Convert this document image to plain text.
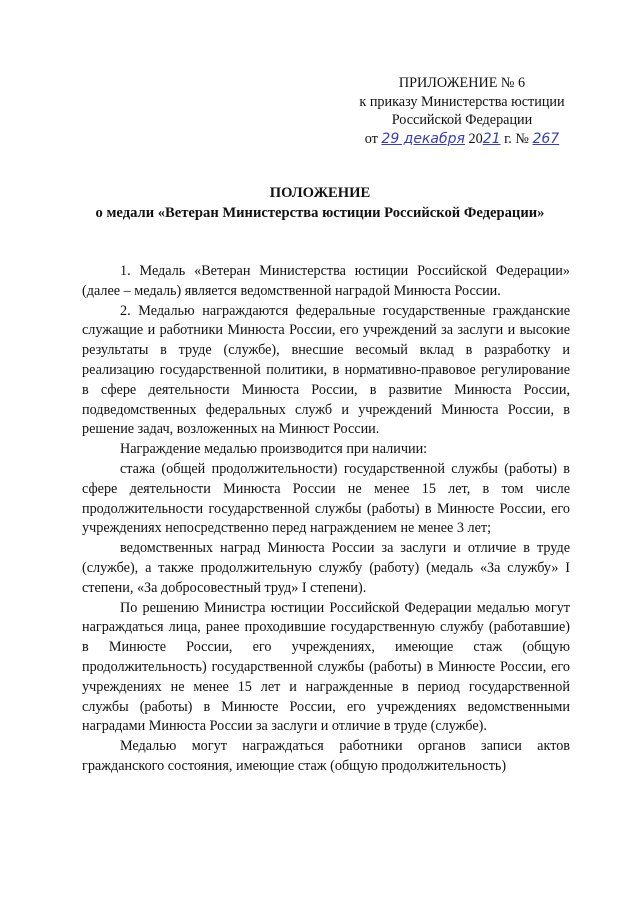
ПРИЛОЖЕНИЕ № 6
к приказу Министерства юстиции
Российской Федерации
от 29 декабря 2021 г. № 267
ПОЛОЖЕНИЕ
о медали «Ветеран Министерства юстиции Российской Федерации»

1. Медаль «Ветеран Министерства юстиции Российской Федерации» (далее – медаль) является ведомственной наградой Минюста России.

2. Медалью награждаются федеральные государственные гражданские служащие и работники Минюста России, его учреждений за заслуги и высокие результаты в труде (службе), внесшие весомый вклад в разработку и реализацию государственной политики, в нормативно-правовое регулирование в сфере деятельности Минюста России, в развитие Минюста России, подведомственных федеральных служб и учреждений Минюста России, в решение задач, возложенных на Минюст России.

Награждение медалью производится при наличии:

стажа (общей продолжительности) государственной службы (работы) в сфере деятельности Минюста России не менее 15 лет, в том числе продолжительности государственной службы (работы) в Минюсте России, его учреждениях непосредственно перед награждением не менее 3 лет;

ведомственных наград Минюста России за заслуги и отличие в труде (службе), а также продолжительную службу (работу) (медаль «За службу» I степени, «За добросовестный труд» I степени).

По решению Министра юстиции Российской Федерации медалью могут награждаться лица, ранее проходившие государственную службу (работавшие) в Минюсте России, его учреждениях, имеющие стаж (общую продолжительность) государственной службы (работы) в Минюсте России, его учреждениях не менее 15 лет и награжденные в период государственной службы (работы) в Минюсте России, его учреждениях ведомственными наградами Минюста России за заслуги и отличие в труде (службе).

Медалью могут награждаться работники органов записи актов гражданского состояния, имеющие стаж (общую продолжительность)
